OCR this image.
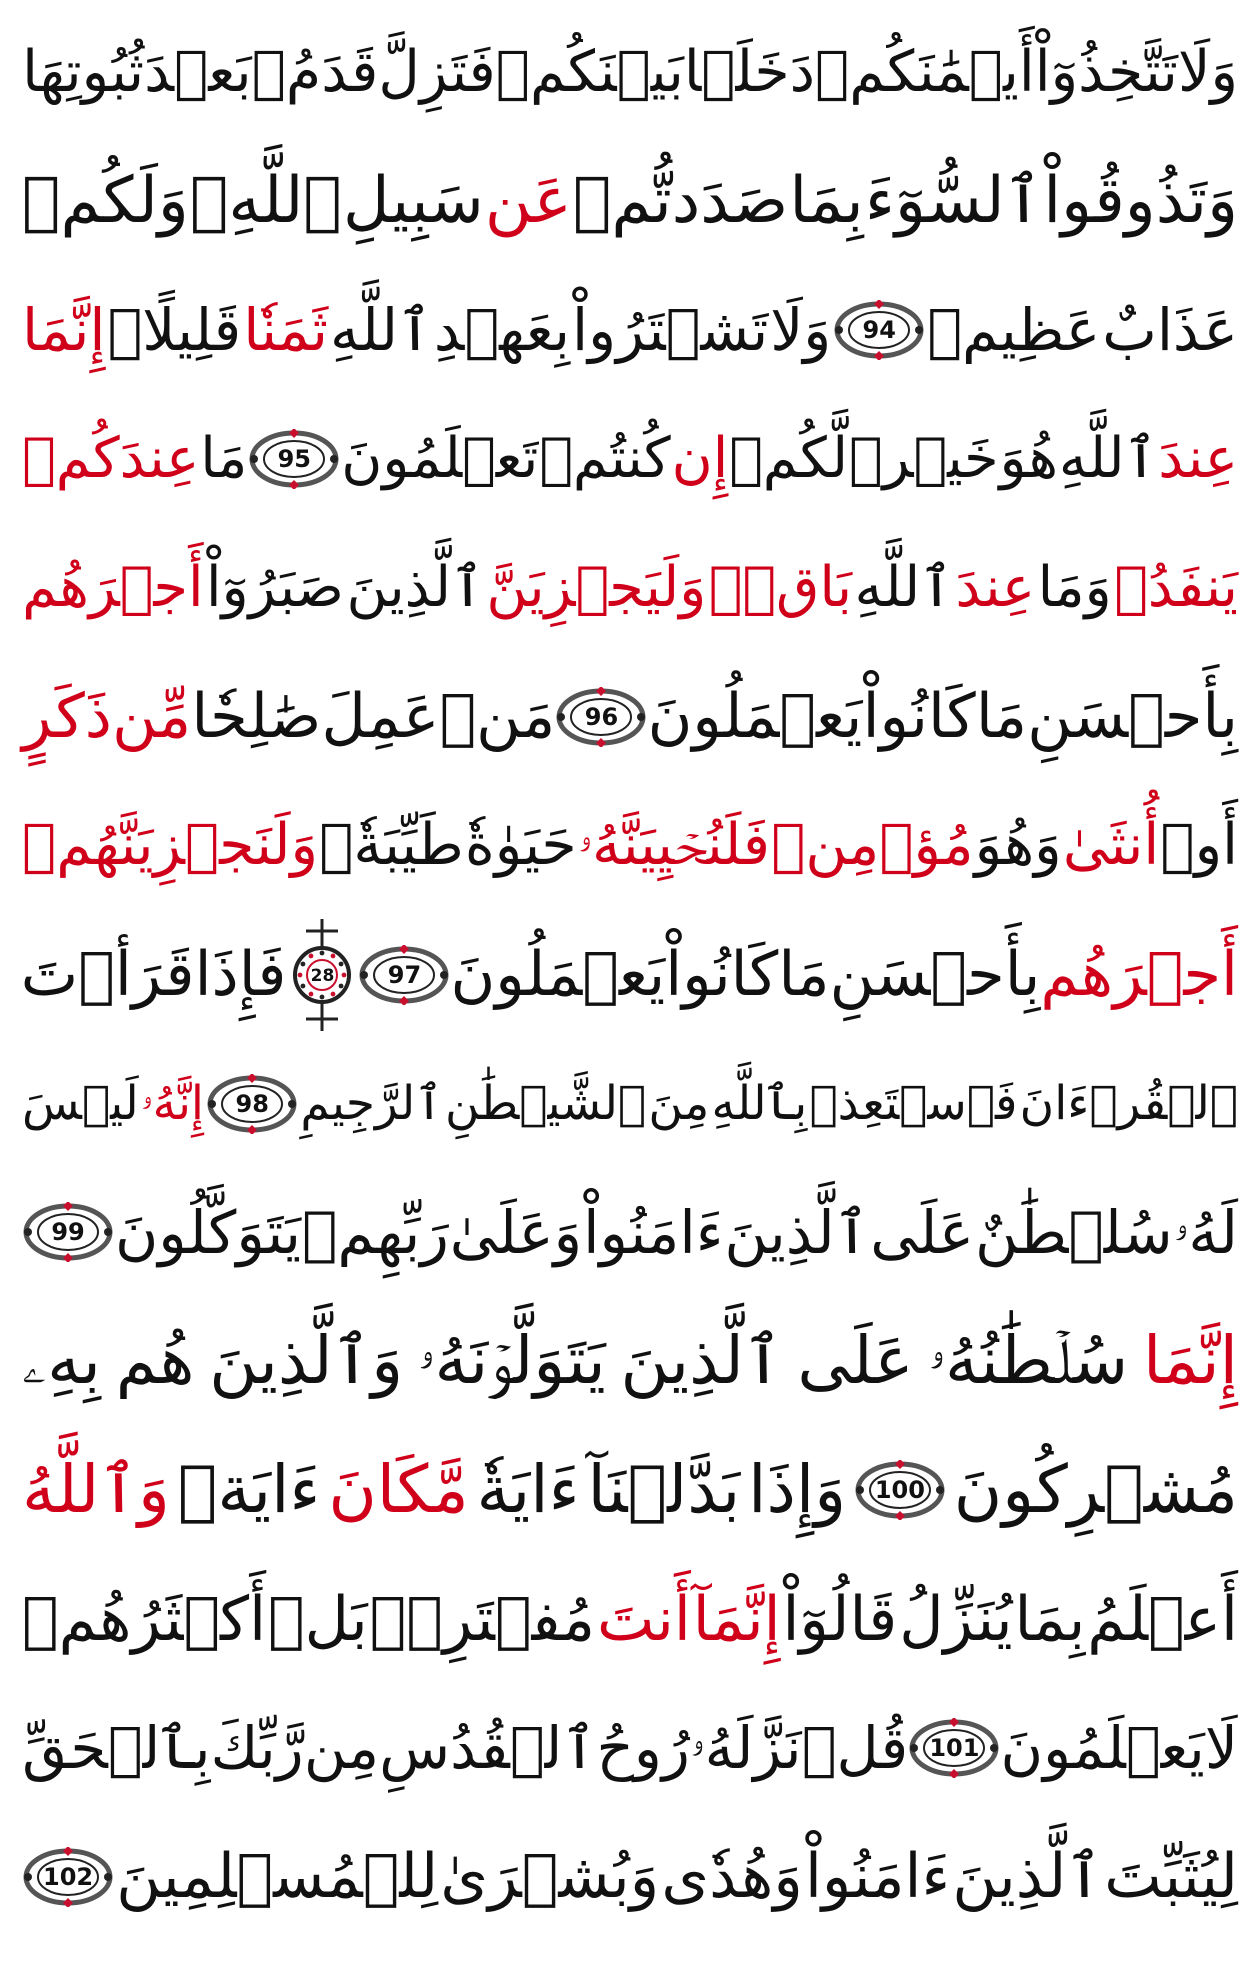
وَلَا
تَتَّخِذُوٓاْ
أَيۡمَٰنَكُمۡ
دَخَلَۢا
بَيۡنَكُمۡ
فَتَزِلَّ
قَدَمُۢ
بَعۡدَ
ثُبُوتِهَا
وَتَذُوقُواْ
ٱلسُّوٓءَ
بِمَا
صَدَدتُّمۡ
عَن
سَبِيلِ
ٱللَّهِۖ
وَلَكُمۡ
عَذَابٌ
عَظِيمٞ
94
وَلَا
تَشۡتَرُواْ
بِعَهۡدِ
ٱللَّهِ
ثَمَنٗا
قَلِيلًاۚ
إِنَّمَا
عِندَ
ٱللَّهِ
هُوَ
خَيۡرٞ
لَّكُمۡ
إِن
كُنتُمۡ
تَعۡلَمُونَ
95
مَا
عِندَكُمۡ
يَنفَدُۖ
وَمَا
عِندَ
ٱللَّهِ
بَاقٖۗ
وَلَيَجۡزِيَنَّ
ٱلَّذِينَ
صَبَرُوٓاْ
أَجۡرَهُم
بِأَحۡسَنِ
مَا
كَانُواْ
يَعۡمَلُونَ
96
مَنۡ
عَمِلَ
صَٰلِحٗا
مِّن
ذَكَرٍ
أَوۡ
أُنثَىٰ
وَهُوَ
مُؤۡمِنٞ
فَلَنُحۡيِيَنَّهُۥ
حَيَوٰةٗ
طَيِّبَةٗۖ
وَلَنَجۡزِيَنَّهُمۡ
أَجۡرَهُم
بِأَحۡسَنِ
مَا
كَانُواْ
يَعۡمَلُونَ
97
28
فَإِذَا
قَرَأۡتَ
ٱلۡقُرۡءَانَ
فَٱسۡتَعِذۡ
بِٱللَّهِ
مِنَ
ٱلشَّيۡطَٰنِ
ٱلرَّجِيمِ
98
إِنَّهُۥ
لَيۡسَ
لَهُۥ
سُلۡطَٰنٌ
عَلَى
ٱلَّذِينَ
ءَامَنُواْ
وَعَلَىٰ
رَبِّهِمۡ
يَتَوَكَّلُونَ
99
إِنَّمَا
سُلۡطَٰنُهُۥ
عَلَى
ٱلَّذِينَ
يَتَوَلَّوۡنَهُۥ
وَٱلَّذِينَ
هُم
بِهِۦ
مُشۡرِكُونَ
100
وَإِذَا
بَدَّلۡنَآ
ءَايَةٗ
مَّكَانَ
ءَايَةٖ
وَٱللَّهُ
أَعۡلَمُ
بِمَا
يُنَزِّلُ
قَالُوٓاْ
إِنَّمَآ
أَنتَ
مُفۡتَرِۢۚ
بَلۡ
أَكۡثَرُهُمۡ
لَا
يَعۡلَمُونَ
101
قُلۡ
نَزَّلَهُۥ
رُوحُ
ٱلۡقُدُسِ
مِن
رَّبِّكَ
بِٱلۡحَقِّ
لِيُثَبِّتَ
ٱلَّذِينَ
ءَامَنُواْ
وَهُدٗى
وَبُشۡرَىٰ
لِلۡمُسۡلِمِينَ
102
